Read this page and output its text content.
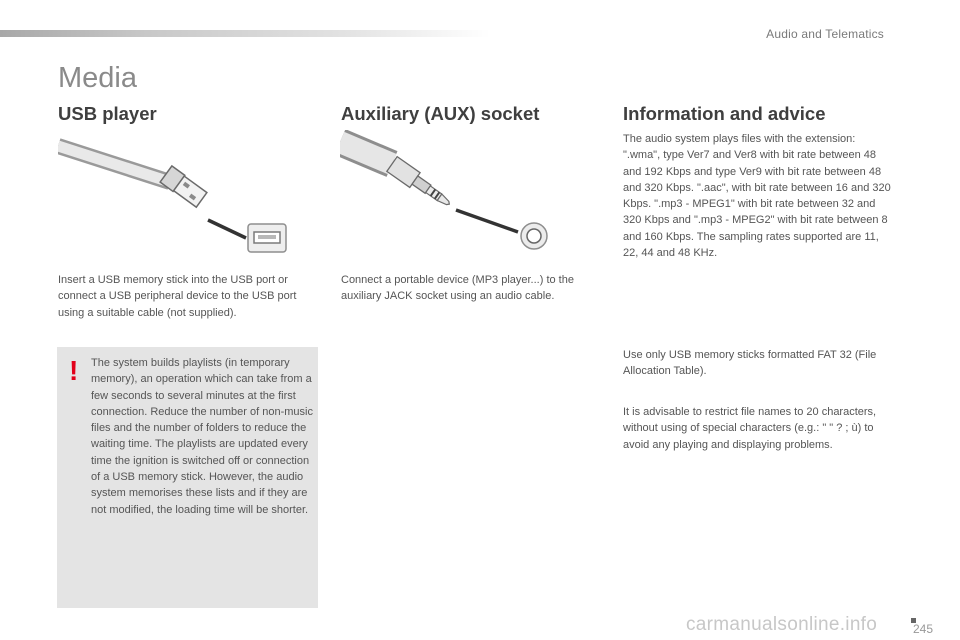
Audio and Telematics
Media
USB player

Insert a USB memory stick into the USB port or connect a USB peripheral device to the USB port using a suitable cable (not supplied).

! The system builds playlists (in temporary memory), an operation which can take from a few seconds to several minutes at the first connection. Reduce the number of non-music files and the number of folders to reduce the waiting time. The playlists are updated every time the ignition is switched off or connection of a USB memory stick. However, the audio system memorises these lists and if they are not modified, the loading time will be shorter.

Auxiliary (AUX) socket

Connect a portable device (MP3 player...) to the auxiliary JACK socket using an audio cable.

Information and advice

The audio system plays files with the extension: ".wma", type Ver7 and Ver8 with bit rate between 48 and 192 Kbps and type Ver9 with bit rate between 48 and 320 Kbps. ".aac", with bit rate between 16 and 320 Kbps. ".mp3 - MPEG1" with bit rate between 32 and 320 Kbps and ".mp3 - MPEG2" with bit rate between 8 and 160 Kbps. The sampling rates supported are 11, 22, 44 and 48 KHz.

Use only USB memory sticks formatted FAT 32 (File Allocation Table).

It is advisable to restrict file names to 20 characters, without using of special characters (e.g.: " " ? ; ù) to avoid any playing and displaying problems.

245
carmanualsonline.info
